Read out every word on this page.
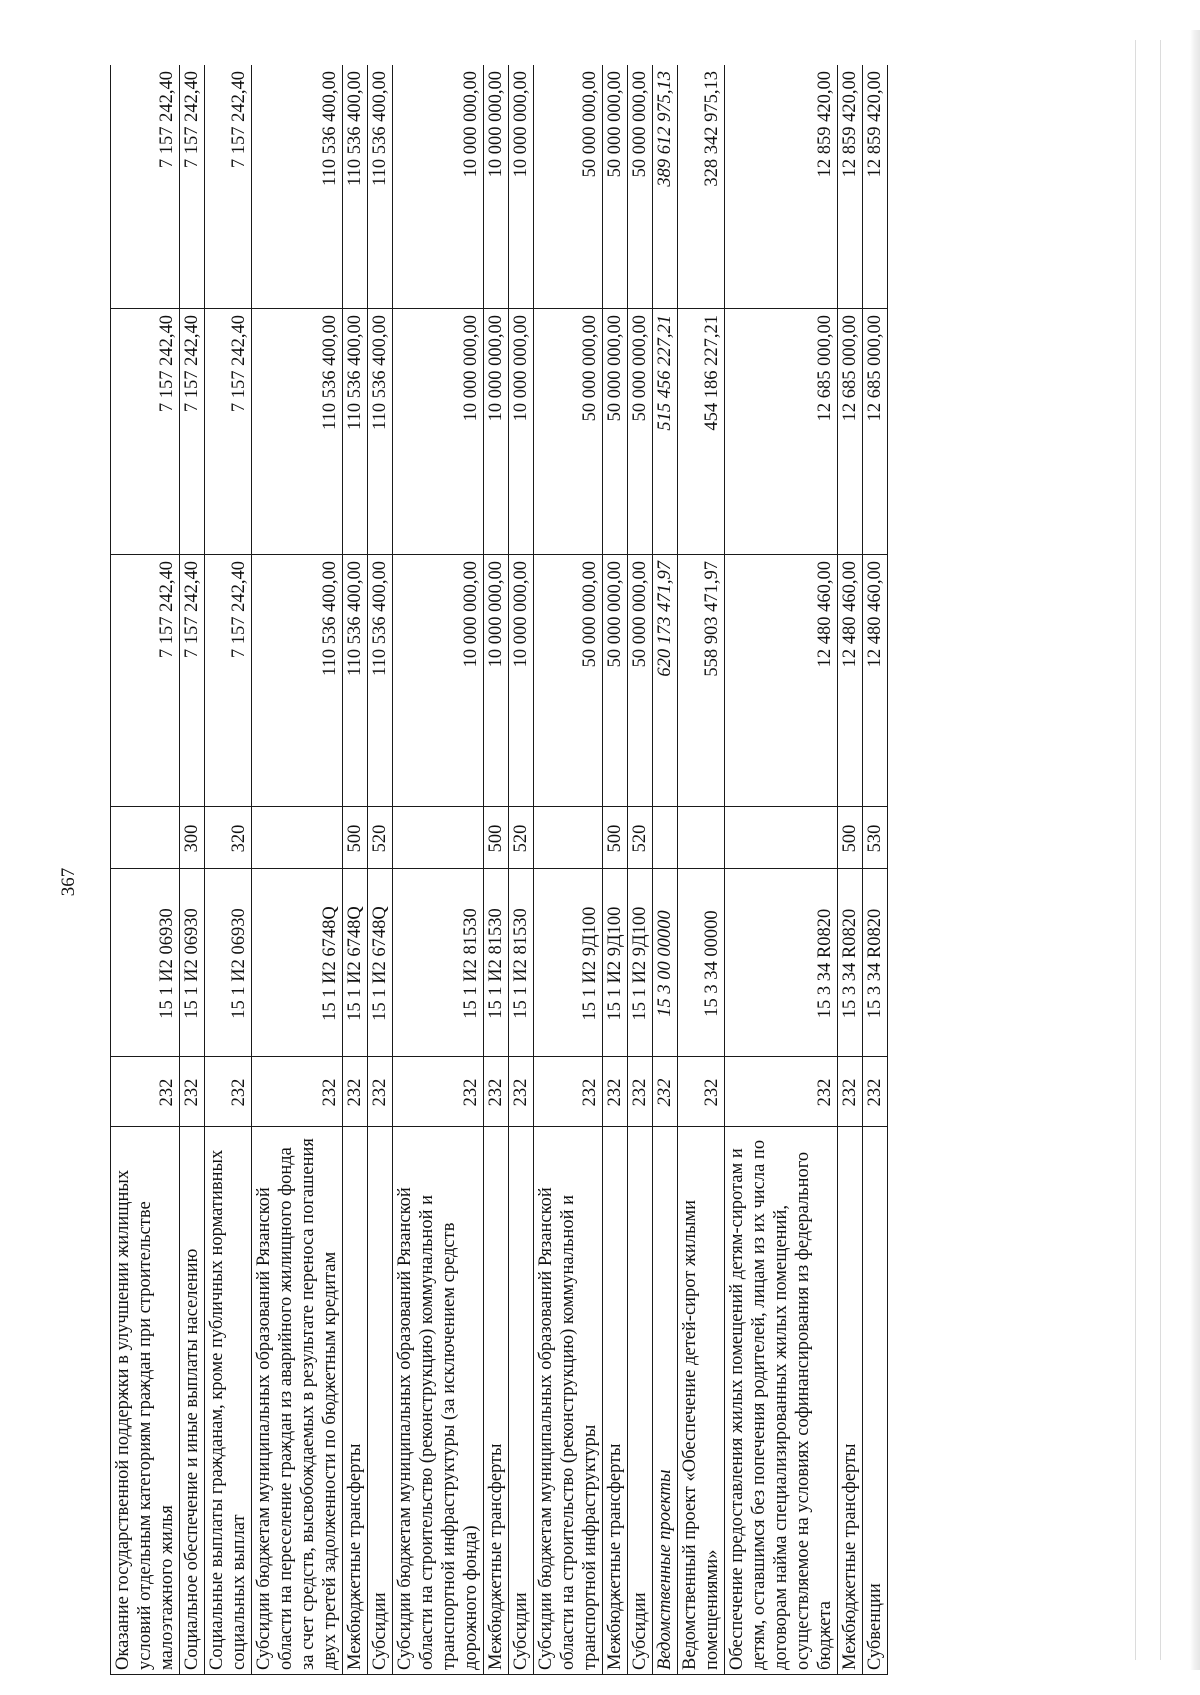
367
Оказание государственной поддержки в улучшении жилищных условий отдельным категориям граждан при строительстве малоэтажного жилья	232	15 1 И2 06930		7 157 242,40	7 157 242,40	7 157 242,40
Социальное обеспечение и иные выплаты населению	232	15 1 И2 06930	300	7 157 242,40	7 157 242,40	7 157 242,40
Социальные выплаты гражданам, кроме публичных нормативных социальных выплат	232	15 1 И2 06930	320	7 157 242,40	7 157 242,40	7 157 242,40
Субсидии бюджетам муниципальных образований Рязанской области на переселение граждан из аварийного жилищного фонда за счет средств, высвобождаемых в результате переноса погашения двух третей задолженности по бюджетным кредитам	232	15 1 И2 6748Q		110 536 400,00	110 536 400,00	110 536 400,00
Межбюджетные трансферты	232	15 1 И2 6748Q	500	110 536 400,00	110 536 400,00	110 536 400,00
Субсидии	232	15 1 И2 6748Q	520	110 536 400,00	110 536 400,00	110 536 400,00
Субсидии бюджетам муниципальных образований Рязанской области на строительство (реконструкцию) коммунальной и транспортной инфраструктуры (за исключением средств дорожного фонда)	232	15 1 И2 81530		10 000 000,00	10 000 000,00	10 000 000,00
Межбюджетные трансферты	232	15 1 И2 81530	500	10 000 000,00	10 000 000,00	10 000 000,00
Субсидии	232	15 1 И2 81530	520	10 000 000,00	10 000 000,00	10 000 000,00
Субсидии бюджетам муниципальных образований Рязанской области на строительство (реконструкцию) коммунальной и транспортной инфраструктуры	232	15 1 И2 9Д100		50 000 000,00	50 000 000,00	50 000 000,00
Межбюджетные трансферты	232	15 1 И2 9Д100	500	50 000 000,00	50 000 000,00	50 000 000,00
Субсидии	232	15 1 И2 9Д100	520	50 000 000,00	50 000 000,00	50 000 000,00
Ведомственные проекты	232	15 3 00 00000		620 173 471,97	515 456 227,21	389 612 975,13
Ведомственный проект «Обеспечение детей-сирот жилыми помещениями»	232	15 3 34 00000		558 903 471,97	454 186 227,21	328 342 975,13
Обеспечение предоставления жилых помещений детям-сиротам и детям, оставшимся без попечения родителей, лицам из их числа по договорам найма специализированных жилых помещений, осуществляемое на условиях софинансирования из федерального бюджета	232	15 3 34 R0820		12 480 460,00	12 685 000,00	12 859 420,00
Межбюджетные трансферты	232	15 3 34 R0820	500	12 480 460,00	12 685 000,00	12 859 420,00
Субвенции	232	15 3 34 R0820	530	12 480 460,00	12 685 000,00	12 859 420,00
